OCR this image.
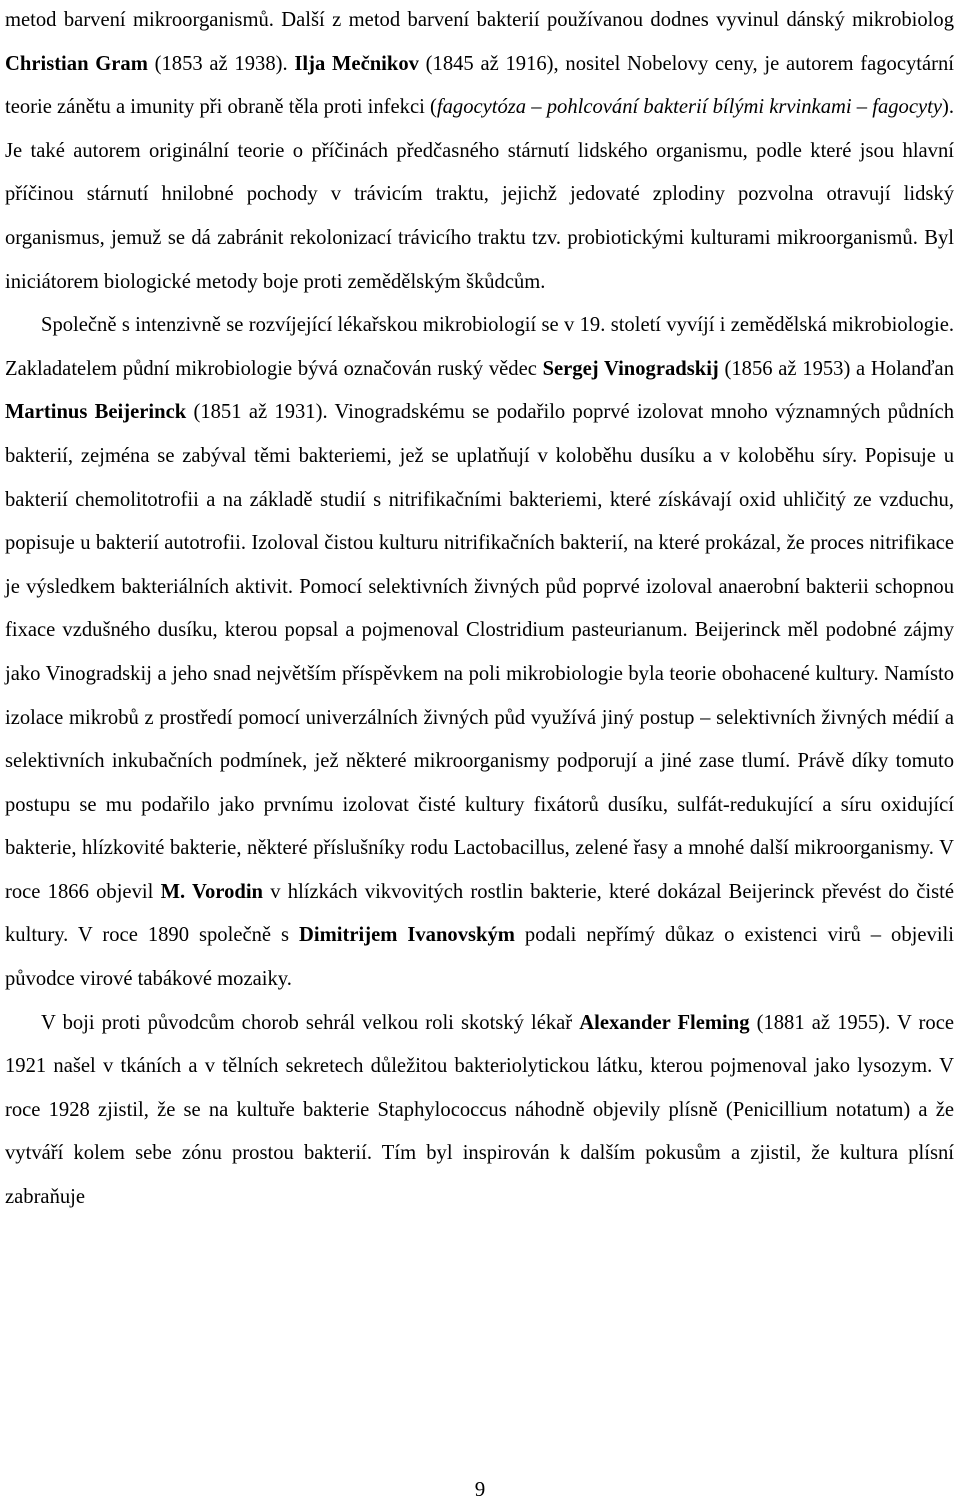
metod barvení mikroorganismů. Další z metod barvení bakterií používanou dodnes vyvinul dánský mikrobiolog Christian Gram (1853 až 1938). Ilja Mečnikov (1845 až 1916), nositel Nobelovy ceny, je autorem fagocytární teorie zánětu a imunity při obraně těla proti infekci (fagocytóza – pohlcování bakterií bílými krvinkami – fagocyty). Je také autorem originální teorie o příčinách předčasného stárnutí lidského organismu, podle které jsou hlavní příčinou stárnutí hnilobné pochody v trávicím traktu, jejichž jedovaté zplodiny pozvolna otravují lidský organismus, jemuž se dá zabránit rekolonizací trávicího traktu tzv. probiotickými kulturami mikroorganismů. Byl iniciátorem biologické metody boje proti zemědělským škůdcům.

Společně s intenzivně se rozvíjející lékařskou mikrobiologií se v 19. století vyvíjí i zemědělská mikrobiologie. Zakladatelem půdní mikrobiologie bývá označován ruský vědec Sergej Vinogradskij (1856 až 1953) a Holanďan Martinus Beijerinck (1851 až 1931). Vinogradskému se podařilo poprvé izolovat mnoho významných půdních bakterií, zejména se zabýval těmi bakteriemi, jež se uplatňují v koloběhu dusíku a v koloběhu síry. Popisuje u bakterií chemolitotrofii a na základě studií s nitrifikačními bakteriemi, které získávají oxid uhličitý ze vzduchu, popisuje u bakterií autotrofii. Izoloval čistou kulturu nitrifikačních bakterií, na které prokázal, že proces nitrifikace je výsledkem bakteriálních aktivit. Pomocí selektivních živných půd poprvé izoloval anaerobní bakterii schopnou fixace vzdušného dusíku, kterou popsal a pojmenoval Clostridium pasteurianum. Beijerinck měl podobné zájmy jako Vinogradskij a jeho snad největším příspěvkem na poli mikrobiologie byla teorie obohacené kultury. Namísto izolace mikrobů z prostředí pomocí univerzálních živných půd využívá jiný postup – selektivních živných médií a selektivních inkubačních podmínek, jež některé mikroorganismy podporují a jiné zase tlumí. Právě díky tomuto postupu se mu podařilo jako prvnímu izolovat čisté kultury fixátorů dusíku, sulfát-redukující a síru oxidující bakterie, hlízkovité bakterie, některé příslušníky rodu Lactobacillus, zelené řasy a mnohé další mikroorganismy. V roce 1866 objevil M. Vorodin v hlízkách vikvovitých rostlin bakterie, které dokázal Beijerinck převést do čisté kultury. V roce 1890 společně s Dimitrijem Ivanovským podali nepřímý důkaz o existenci virů – objevili původce virové tabákové mozaiky.

V boji proti původcům chorob sehrál velkou roli skotský lékař Alexander Fleming (1881 až 1955). V roce 1921 našel v tkáních a v tělních sekretech důležitou bakteriolytickou látku, kterou pojmenoval jako lysozym. V roce 1928 zjistil, že se na kultuře bakterie Staphylococcus náhodně objevily plísně (Penicillium notatum) a že vytváří kolem sebe zónu prostou bakterií. Tím byl inspirován k dalším pokusům a zjistil, že kultura plísní zabraňuje

9
